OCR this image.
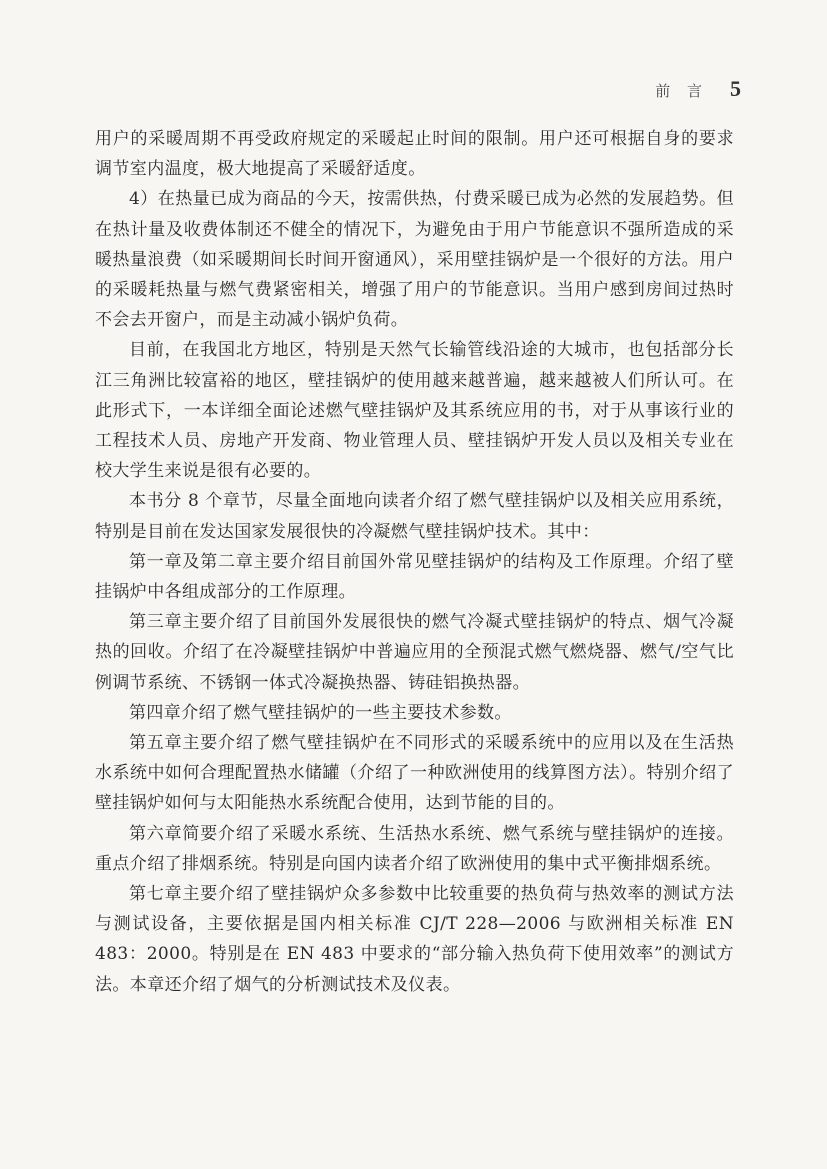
前 言 5

用户的采暖周期不再受政府规定的采暖起止时间的限制。用户还可根据自身的要求调节室内温度，极大地提高了采暖舒适度。

4）在热量已成为商品的今天，按需供热，付费采暖已成为必然的发展趋势。但在热计量及收费体制还不健全的情况下，为避免由于用户节能意识不强所造成的采暖热量浪费（如采暖期间长时间开窗通风），采用壁挂锅炉是一个很好的方法。用户的采暖耗热量与燃气费紧密相关，增强了用户的节能意识。当用户感到房间过热时不会去开窗户，而是主动减小锅炉负荷。

目前，在我国北方地区，特别是天然气长输管线沿途的大城市，也包括部分长江三角洲比较富裕的地区，壁挂锅炉的使用越来越普遍，越来越被人们所认可。在此形式下，一本详细全面论述燃气壁挂锅炉及其系统应用的书，对于从事该行业的工程技术人员、房地产开发商、物业管理人员、壁挂锅炉开发人员以及相关专业在校大学生来说是很有必要的。

本书分 8 个章节，尽量全面地向读者介绍了燃气壁挂锅炉以及相关应用系统，特别是目前在发达国家发展很快的冷凝燃气壁挂锅炉技术。其中：

第一章及第二章主要介绍目前国外常见壁挂锅炉的结构及工作原理。介绍了壁挂锅炉中各组成部分的工作原理。

第三章主要介绍了目前国外发展很快的燃气冷凝式壁挂锅炉的特点、烟气冷凝热的回收。介绍了在冷凝壁挂锅炉中普遍应用的全预混式燃气燃烧器、燃气/空气比例调节系统、不锈钢一体式冷凝换热器、铸硅铝换热器。

第四章介绍了燃气壁挂锅炉的一些主要技术参数。

第五章主要介绍了燃气壁挂锅炉在不同形式的采暖系统中的应用以及在生活热水系统中如何合理配置热水储罐（介绍了一种欧洲使用的线算图方法）。特别介绍了壁挂锅炉如何与太阳能热水系统配合使用，达到节能的目的。

第六章简要介绍了采暖水系统、生活热水系统、燃气系统与壁挂锅炉的连接。重点介绍了排烟系统。特别是向国内读者介绍了欧洲使用的集中式平衡排烟系统。

第七章主要介绍了壁挂锅炉众多参数中比较重要的热负荷与热效率的测试方法与测试设备，主要依据是国内相关标准 CJ/T 228—2006 与欧洲相关标准 EN 483：2000。特别是在 EN 483 中要求的“部分输入热负荷下使用效率”的测试方法。本章还介绍了烟气的分析测试技术及仪表。
